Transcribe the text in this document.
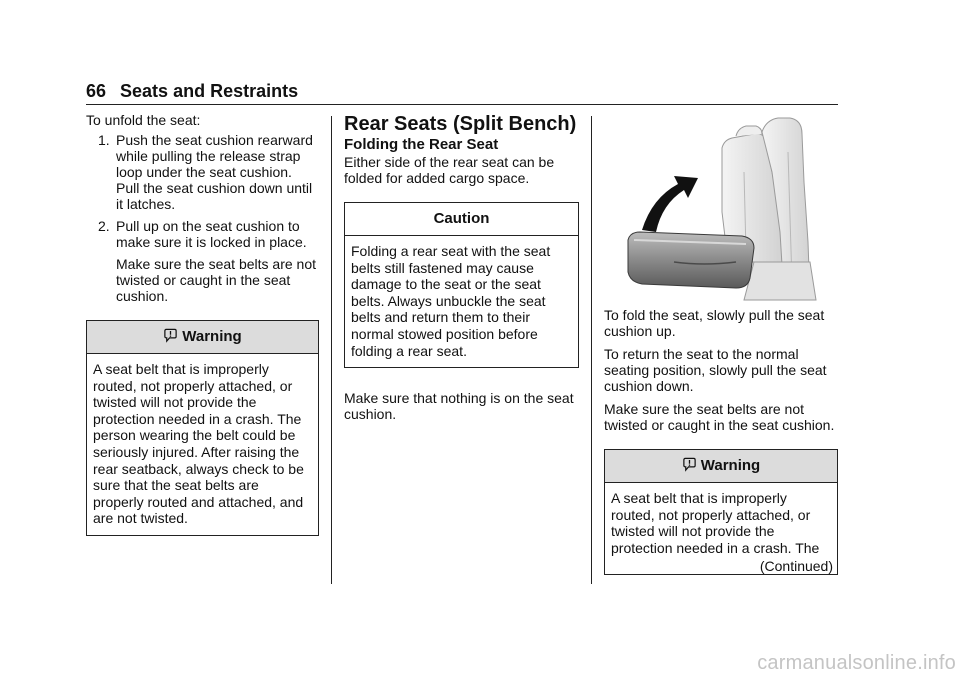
66 Seats and Restraints

To unfold the seat:

1. Push the seat cushion rearward while pulling the release strap loop under the seat cushion. Pull the seat cushion down until it latches.
2. Pull up on the seat cushion to make sure it is locked in place.
Make sure the seat belts are not twisted or caught in the seat cushion.
Warning
A seat belt that is improperly routed, not properly attached, or twisted will not provide the protection needed in a crash. The person wearing the belt could be seriously injured. After raising the rear seatback, always check to be sure that the seat belts are properly routed and attached, and are not twisted.

Rear Seats (Split Bench)

Folding the Rear Seat

Either side of the rear seat can be folded for added cargo space.

Caution
Folding a rear seat with the seat belts still fastened may cause damage to the seat or the seat belts. Always unbuckle the seat belts and return them to their normal stowed position before folding a rear seat.

Make sure that nothing is on the seat cushion.

To fold the seat, slowly pull the seat cushion up.

To return the seat to the normal seating position, slowly pull the seat cushion down.

Make sure the seat belts are not twisted or caught in the seat cushion.

Warning
A seat belt that is improperly routed, not properly attached, or twisted will not provide the protection needed in a crash. The
(Continued)
carmanualsonline.info
